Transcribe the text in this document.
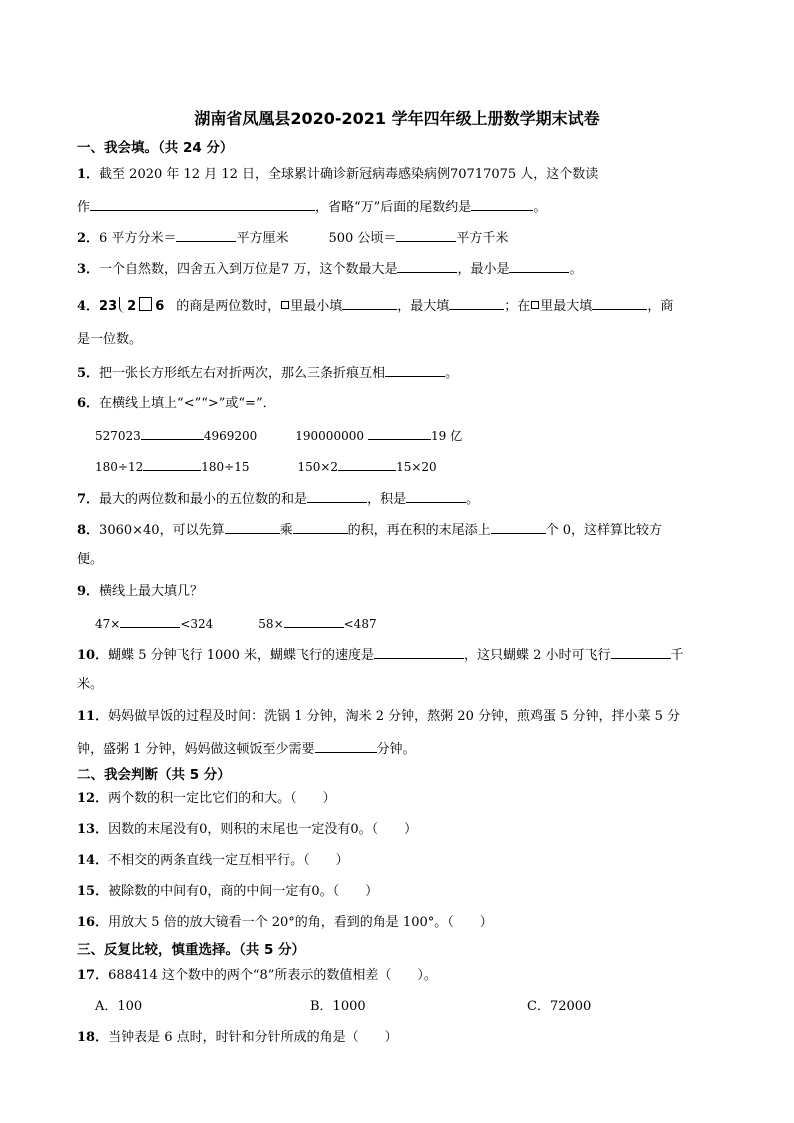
湖南省凤凰县2020-2021 学年四年级上册数学期末试卷
一、我会填。（共 24 分）
1．截至 2020 年 12 月 12 日，全球累计确诊新冠病毒感染病例70717075 人，这个数读
作	，省略“万”后面的尾数约是	。
2．6 平方分米＝	平方厘米	500 公顷＝	平方千米
3．一个自然数，四舍五入到万位是7 万，这个数最大是	，最小是	。
4．23 2 6 的商是两位数时， 里最小填	，最大填	；在 里最大填	，商
是一位数。
5．把一张长方形纸左右对折两次，那么三条折痕互相	。
6．在横线上填上“<”“>”或“=”．
527023	4969200	190000000	19 亿
180÷12	180÷15	150×2	15×20
7．最大的两位数和最小的五位数的和是	，积是	。
8．3060×40，可以先算	乘	的积，再在积的末尾添上	个 0，这样算比较方
便。
9．横线上最大填几？
47×	<324	58×	<487
10．蝴蝶 5 分钟飞行 1000 米，蝴蝶飞行的速度是	，这只蝴蝶 2 小时可飞行	千
米。
11．妈妈做早饭的过程及时间：洗锅 1 分钟，淘米 2 分钟，熬粥 20 分钟，煎鸡蛋 5 分钟，拌小菜 5 分
钟，盛粥 1 分钟，妈妈做这顿饭至少需要	分钟。
二、我会判断（共 5 分）
12．两个数的积一定比它们的和大。（　　）
13．因数的末尾没有0，则积的末尾也一定没有0。（　　）
14．不相交的两条直线一定互相平行。（　　）
15．被除数的中间有0，商的中间一定有0。（　　）
16．用放大 5 倍的放大镜看一个 20°的角，看到的角是 100°。（　　）
三、反复比较，慎重选择。（共 5 分）
17．688414 这个数中的两个“8”所表示的数值相差（　　）。
A．100	B．1000	C．72000
18．当钟表是 6 点时，时针和分针所成的角是（　　）
